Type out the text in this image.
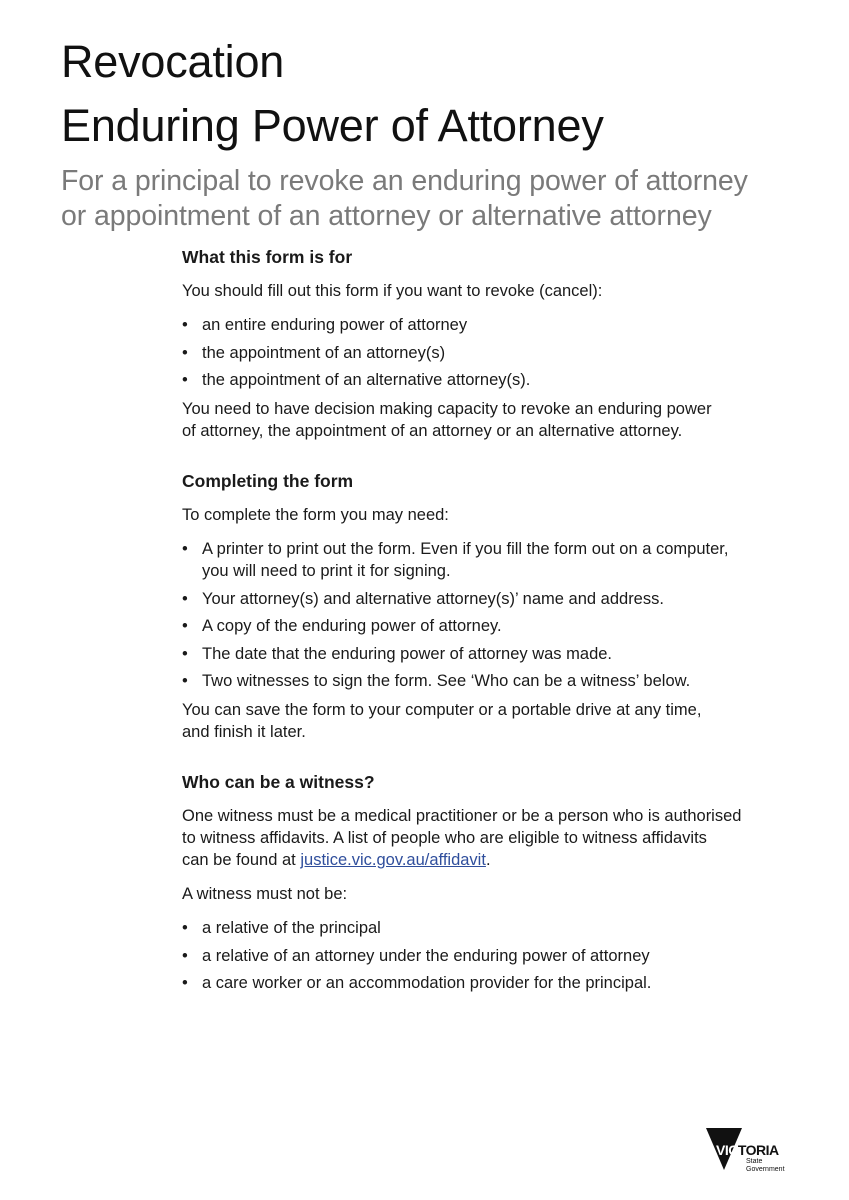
Revocation
Enduring Power of Attorney
For a principal to revoke an enduring power of attorney
or appointment of an attorney or alternative attorney
What this form is for

You should fill out this form if you want to revoke (cancel):

• an entire enduring power of attorney
• the appointment of an attorney(s)
• the appointment of an alternative attorney(s).

You need to have decision making capacity to revoke an enduring power
of attorney, the appointment of an attorney or an alternative attorney.

Completing the form

To complete the form you may need:

• A printer to print out the form. Even if you fill the form out on a computer,
you will need to print it for signing.
• Your attorney(s) and alternative attorney(s)’ name and address.
• A copy of the enduring power of attorney.
• The date that the enduring power of attorney was made.
• Two witnesses to sign the form. See ‘Who can be a witness’ below.

You can save the form to your computer or a portable drive at any time,
and finish it later.

Who can be a witness?

One witness must be a medical practitioner or be a person who is authorised
to witness affidavits. A list of people who are eligible to witness affidavits
can be found at justice.vic.gov.au/affidavit.

A witness must not be:

• a relative of the principal
• a relative of an attorney under the enduring power of attorney
• a care worker or an accommodation provider for the principal.
VICTORIA
State
Government
